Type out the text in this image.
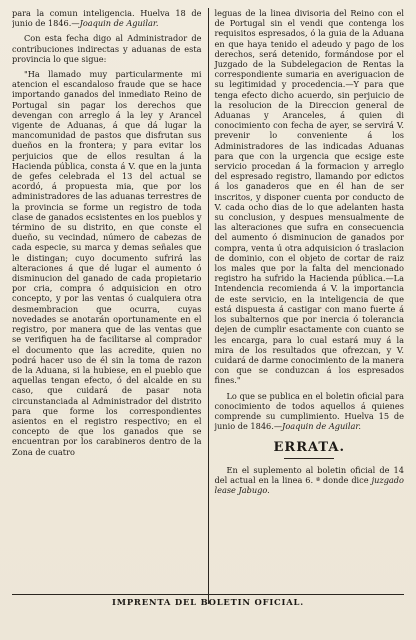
para la comun inteligencia. Huelva 18 de junio de 1846.—Joaquin de Aguilar.

Con esta fecha digo al Administrador de contribuciones indirectas y aduanas de esta provincia lo que sigue:

"Ha llamado muy particularmente mi atencion el escandaloso fraude que se hace importando ganados del inmediato Reino de Portugal sin pagar los derechos que devengan con arreglo á la ley y Arancel vigente de Aduanas, á que dá lugar la mancomunidad de pastos que disfrutan sus dueños en la frontera; y para evitar los perjuicios que de ellos resultan á la Hacienda pública, consta á V. que en la junta de gefes celebrada el 13 del actual se acordó, á propuesta mia, que por los administradores de las aduanas terrestres de la provincia se forme un registro de toda clase de ganados ecsistentes en los pueblos y término de su distrito, en que conste el dueño, su vecindad, número de cabezas de cada especie, su marca y demas señales que le distingan; cuyo documento sufrirá las alteraciones á que dé lugar el aumento ó disminucion del ganado de cada propietario por cria, compra ó adquisicion en otro concepto, y por las ventas ó cualquiera otra desmembracion que ocurra, cuyas novedades se anotarán oportunamente en el registro, por manera que de las ventas que se verifiquen ha de facilitarse al comprador el documento que las acredite, quien no podrá hacer uso de él sin la toma de razon de la Aduana, si la hubiese, en el pueblo que aquellas tengan efecto, ó del alcalde en su caso, que cuidará de pasar nota circunstanciada al Administrador del distrito para que forme los correspondientes asientos en el registro respectivo; en el concepto de que los ganados que se encuentran por los carabineros dentro de la Zona de cuatro

leguas de la linea divisoria del Reino con el de Portugal sin el vendi que contenga los requisitos espresados, ó la guia de la Aduana en que haya tenido el adeudo y pago de los derechos, será detenido, formándose por el Juzgado de la Subdelegacion de Rentas la correspondiente sumaria en averiguacion de su legitimidad y procedencia.—Y para que tenga efecto dicho acuerdo, sin perjuicio de la resolucion de la Direccion general de Aduanas y Aranceles, á quien di conocimiento con fecha de ayer, se servirá V. prevenir lo conveniente á los Administradores de las indicadas Aduanas para que con la urgencia que ecsige este servicio procedan á la formacion y arreglo del espresado registro, llamando por edictos á los ganaderos que en él han de ser inscritos, y disponer cuenta por conducto de V. cada ocho dias de lo que adelanten hasta su conclusion, y despues mensualmente de las alteraciones que sufra en consecuencia del aumento ó disminucion de ganados por compra, venta ú otra adquisicion ó traslacion de dominio, con el objeto de cortar de raiz los males que por la falta del mencionado registro ha sufrido la Hacienda pública.—La Intendencia recomienda á V. la importancia de este servicio, en la inteligencia de que está dispuesta á castigar con mano fuerte á los subalternos que por inercia ó tolerancia dejen de cumplir esactamente con cuanto se les encarga, para lo cual estará muy á la mira de los resultados que ofrezcan, y V. cuidará de darme conocimiento de la manera con que se conduzcan á los espresados fines."

Lo que se publica en el boletin oficial para conocimiento de todos aquellos á quienes comprende su cumplimiento. Huelva 15 de junio de 1846.—Joaquin de Aguilar.

ERRATA.

En el suplemento al boletin oficial de 14 del actual en la linea 6. ª donde dice juzgado lease Jabugo.

IMPRENTA DEL BOLETIN OFICIAL.
